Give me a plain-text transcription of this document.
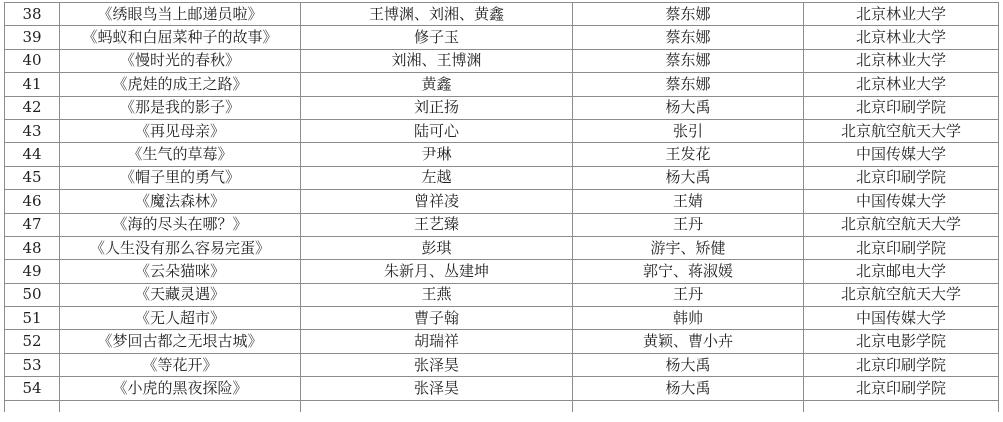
38	《绣眼鸟当上邮递员啦》	王博渊、刘湘、黄鑫	蔡东娜	北京林业大学
39	《蚂蚁和白屈菜种子的故事》	修子玉	蔡东娜	北京林业大学
40	《慢时光的春秋》	刘湘、王博渊	蔡东娜	北京林业大学
41	《虎娃的成王之路》	黄鑫	蔡东娜	北京林业大学
42	《那是我的影子》	刘正扬	杨大禹	北京印刷学院
43	《再见母亲》	陆可心	张引	北京航空航天大学
44	《生气的草莓》	尹琳	王发花	中国传媒大学
45	《帽子里的勇气》	左越	杨大禹	北京印刷学院
46	《魔法森林》	曾祥凌	王婧	中国传媒大学
47	《海的尽头在哪？》	王艺臻	王丹	北京航空航天大学
48	《人生没有那么容易完蛋》	彭琪	游宇、矫健	北京印刷学院
49	《云朵猫咪》	朱新月、丛建坤	郭宁、蒋淑媛	北京邮电大学
50	《天藏灵遇》	王燕	王丹	北京航空航天大学
51	《无人超市》	曹子翰	韩帅	中国传媒大学
52	《梦回古都之无垠古城》	胡瑞祥	黄颖、曹小卉	北京电影学院
53	《等花开》	张泽昊	杨大禹	北京印刷学院
54	《小虎的黑夜探险》	张泽昊	杨大禹	北京印刷学院
